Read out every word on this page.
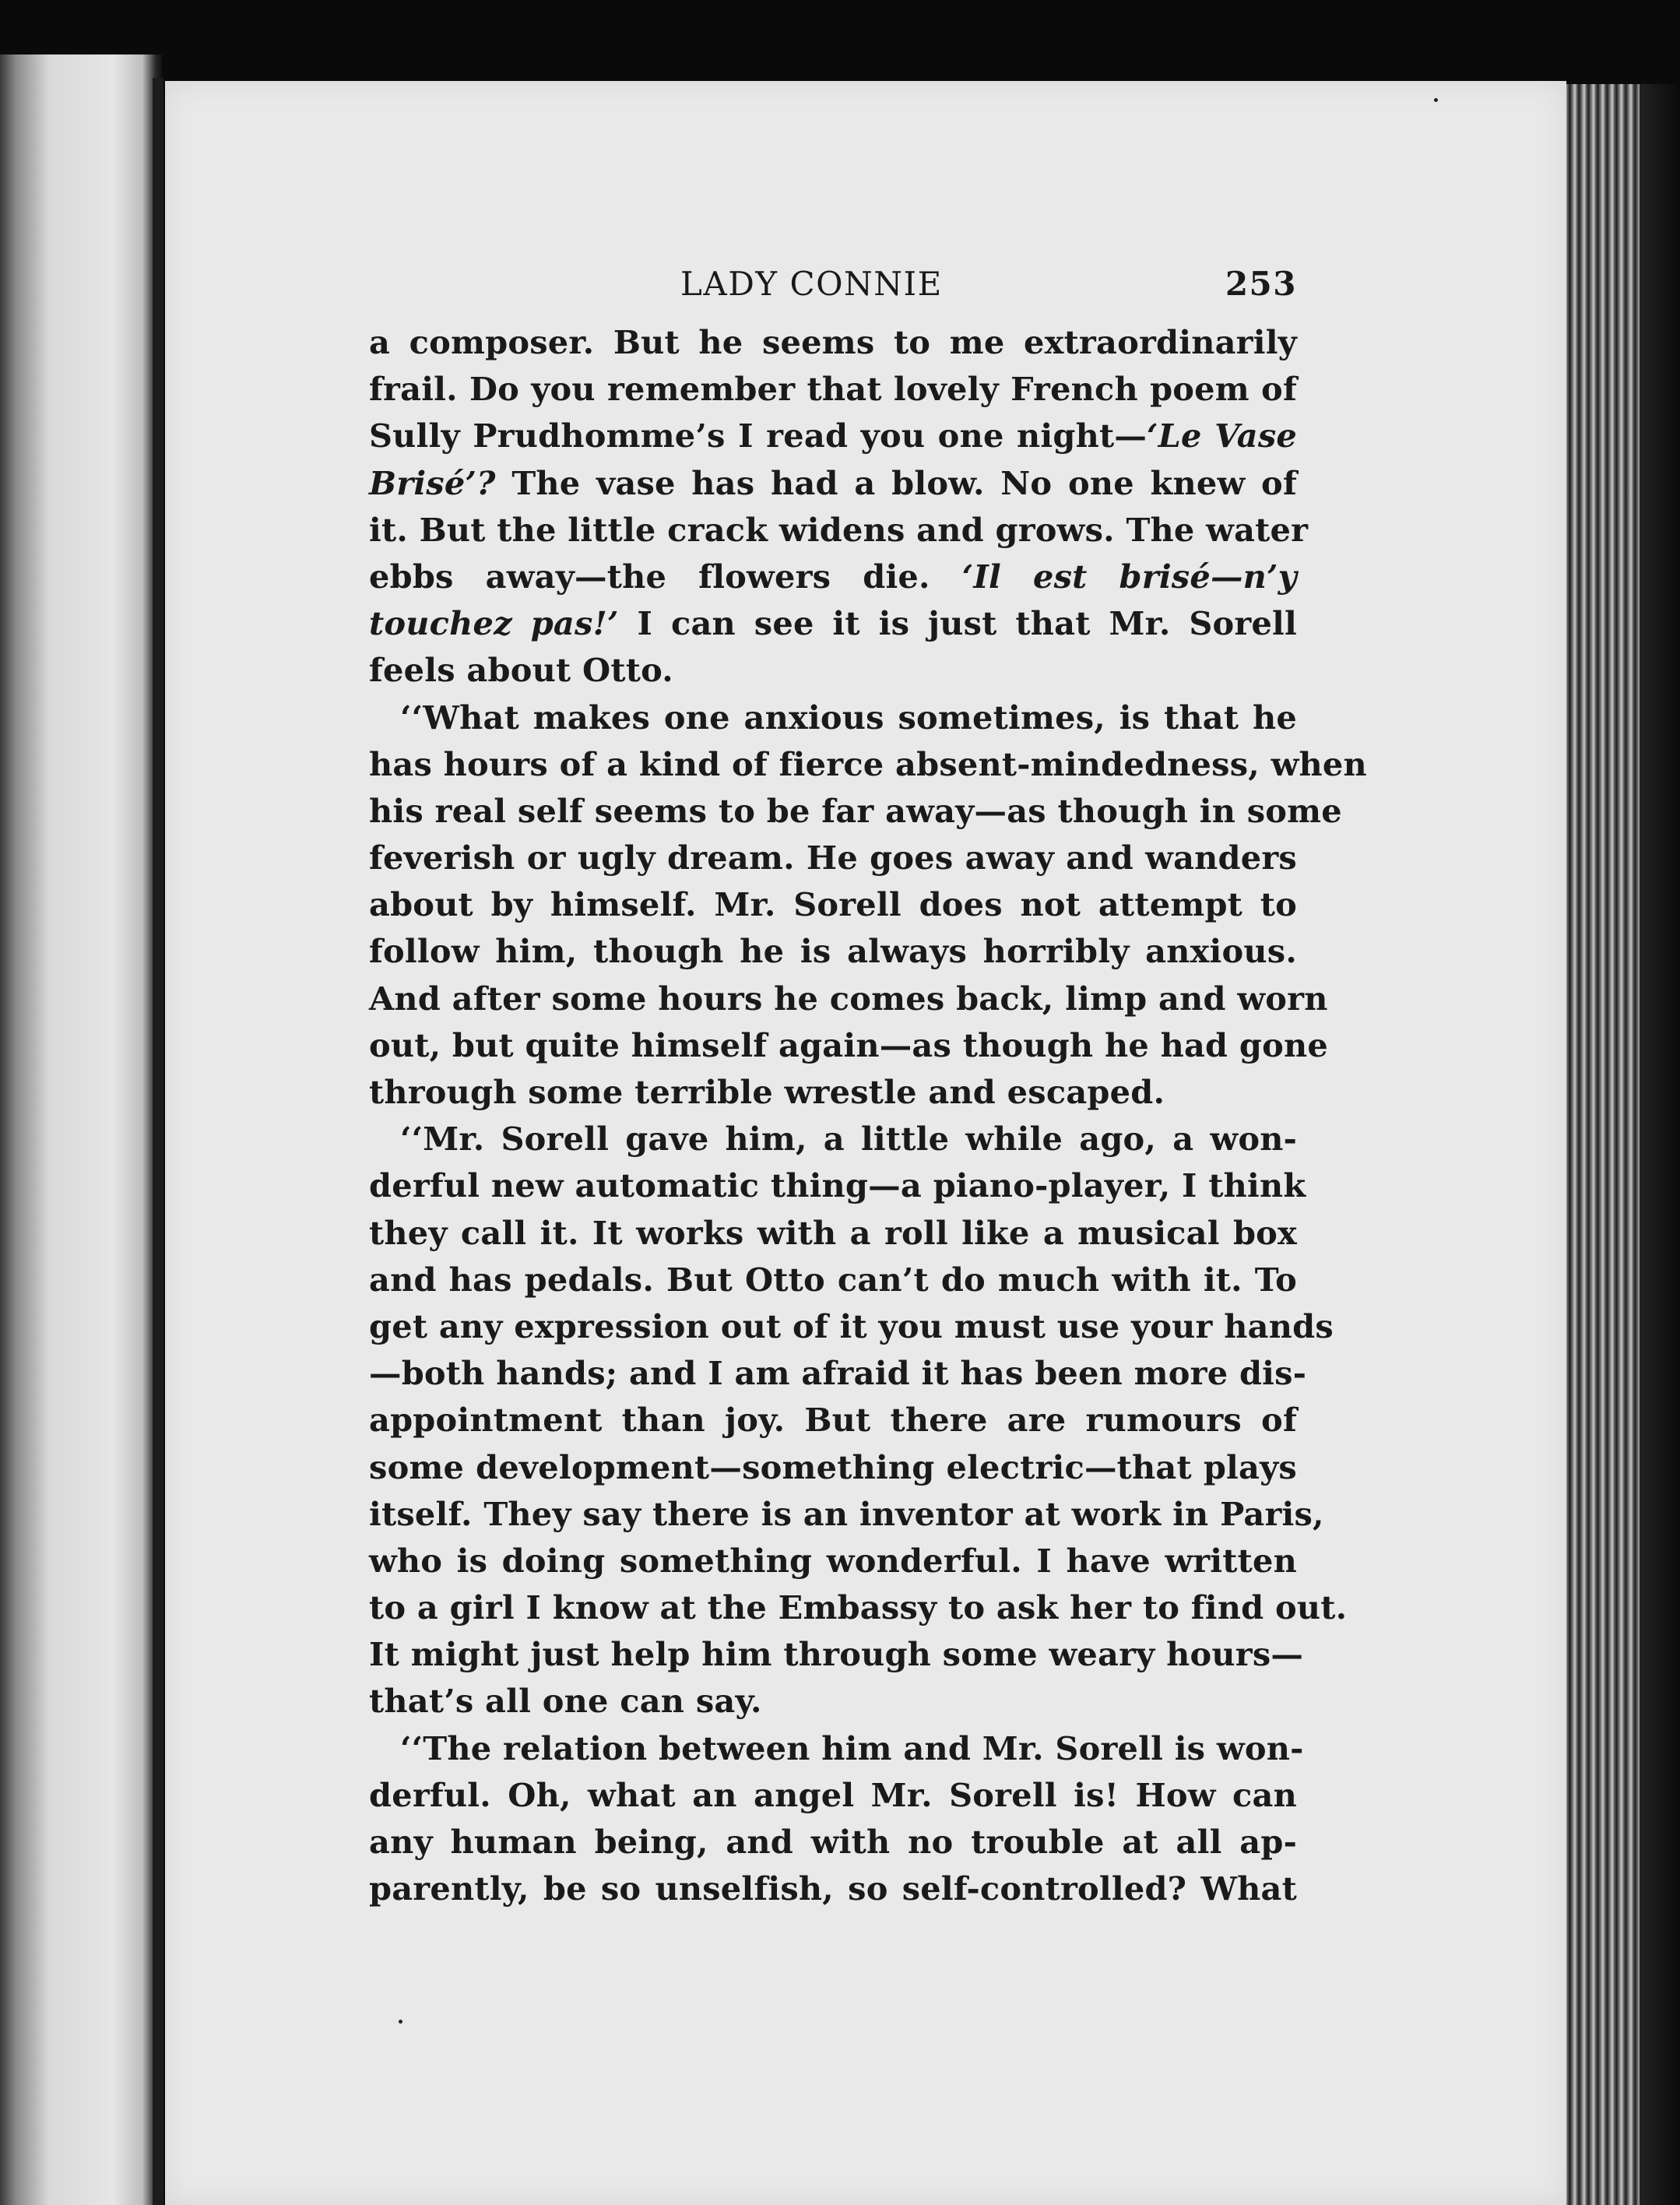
LADY CONNIE	253
a composer. But he seems to me extraordinarily
frail. Do you remember that lovely French poem of
Sully Prudhomme’s I read you one night—‘Le Vase
Brisé’? The vase has had a blow. No one knew of
it. But the little crack widens and grows. The water
ebbs away—the flowers die. ‘Il est brisé—n’y
touchez pas!’ I can see it is just that Mr. Sorell
feels about Otto.
‘‘What makes one anxious sometimes, is that he
has hours of a kind of fierce absent-mindedness, when
his real self seems to be far away—as though in some
feverish or ugly dream. He goes away and wanders
about by himself. Mr. Sorell does not attempt to
follow him, though he is always horribly anxious.
And after some hours he comes back, limp and worn
out, but quite himself again—as though he had gone
through some terrible wrestle and escaped.
‘‘Mr. Sorell gave him, a little while ago, a won-
derful new automatic thing—a piano-player, I think
they call it. It works with a roll like a musical box
and has pedals. But Otto can’t do much with it. To
get any expression out of it you must use your hands
—both hands; and I am afraid it has been more dis-
appointment than joy. But there are rumours of
some development—something electric—that plays
itself. They say there is an inventor at work in Paris,
who is doing something wonderful. I have written
to a girl I know at the Embassy to ask her to find out.
It might just help him through some weary hours—
that’s all one can say.
‘‘The relation between him and Mr. Sorell is won-
derful. Oh, what an angel Mr. Sorell is! How can
any human being, and with no trouble at all ap-
parently, be so unselfish, so self-controlled? What
